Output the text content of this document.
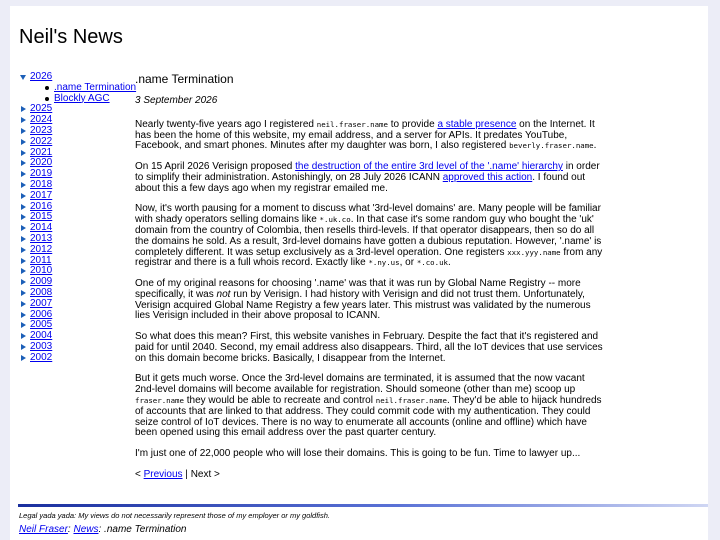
Neil's News
2026
.name Termination
Blockly AGC
2025
2024
2023
2022
2021
2020
2019
2018
2017
2016
2015
2014
2013
2012
2011
2010
2009
2008
2007
2006
2005
2004
2003
2002
.name Termination
3 September 2026

Nearly twenty-five years ago I registered neil.fraser.name to provide a stable presence on the Internet. It has been the home of this website, my email address, and a server for APIs. It predates YouTube, Facebook, and smart phones. Minutes after my daughter was born, I also registered beverly.fraser.name.

On 15 April 2026 Verisign proposed the destruction of the entire 3rd level of the '.name' hierarchy in order to simplify their administration. Astonishingly, on 28 July 2026 ICANN approved this action. I found out about this a few days ago when my registrar emailed me.

Now, it's worth pausing for a moment to discuss what '3rd-level domains' are. Many people will be familiar with shady operators selling domains like *.uk.co. In that case it's some random guy who bought the 'uk' domain from the country of Colombia, then resells third-levels. If that operator disappears, then so do all the domains he sold. As a result, 3rd-level domains have gotten a dubious reputation. However, '.name' is completely different. It was setup exclusively as a 3rd-level operation. One registers xxx.yyy.name from any registrar and there is a full whois record. Exactly like *.ny.us, or *.co.uk.

One of my original reasons for choosing '.name' was that it was run by Global Name Registry -- more specifically, it was not run by Verisign. I had history with Verisign and did not trust them. Unfortunately, Verisign acquired Global Name Registry a few years later. This mistrust was validated by the numerous lies Verisign included in their above proposal to ICANN.

So what does this mean? First, this website vanishes in February. Despite the fact that it's registered and paid for until 2040. Second, my email address also disappears. Third, all the IoT devices that use services on this domain become bricks. Basically, I disappear from the Internet.

But it gets much worse. Once the 3rd-level domains are terminated, it is assumed that the now vacant 2nd-level domains will become available for registration. Should someone (other than me) scoop up fraser.name they would be able to recreate and control neil.fraser.name. They'd be able to hijack hundreds of accounts that are linked to that address. They could commit code with my authentication. They could seize control of IoT devices. There is no way to enumerate all accounts (online and offline) which have been opened using this email address over the past quarter century.

I'm just one of 22,000 people who will lose their domains. This is going to be fun. Time to lawyer up...

< Previous | Next >

Legal yada yada: My views do not necessarily represent those of my employer or my goldfish.
Neil Fraser: News: .name Termination
